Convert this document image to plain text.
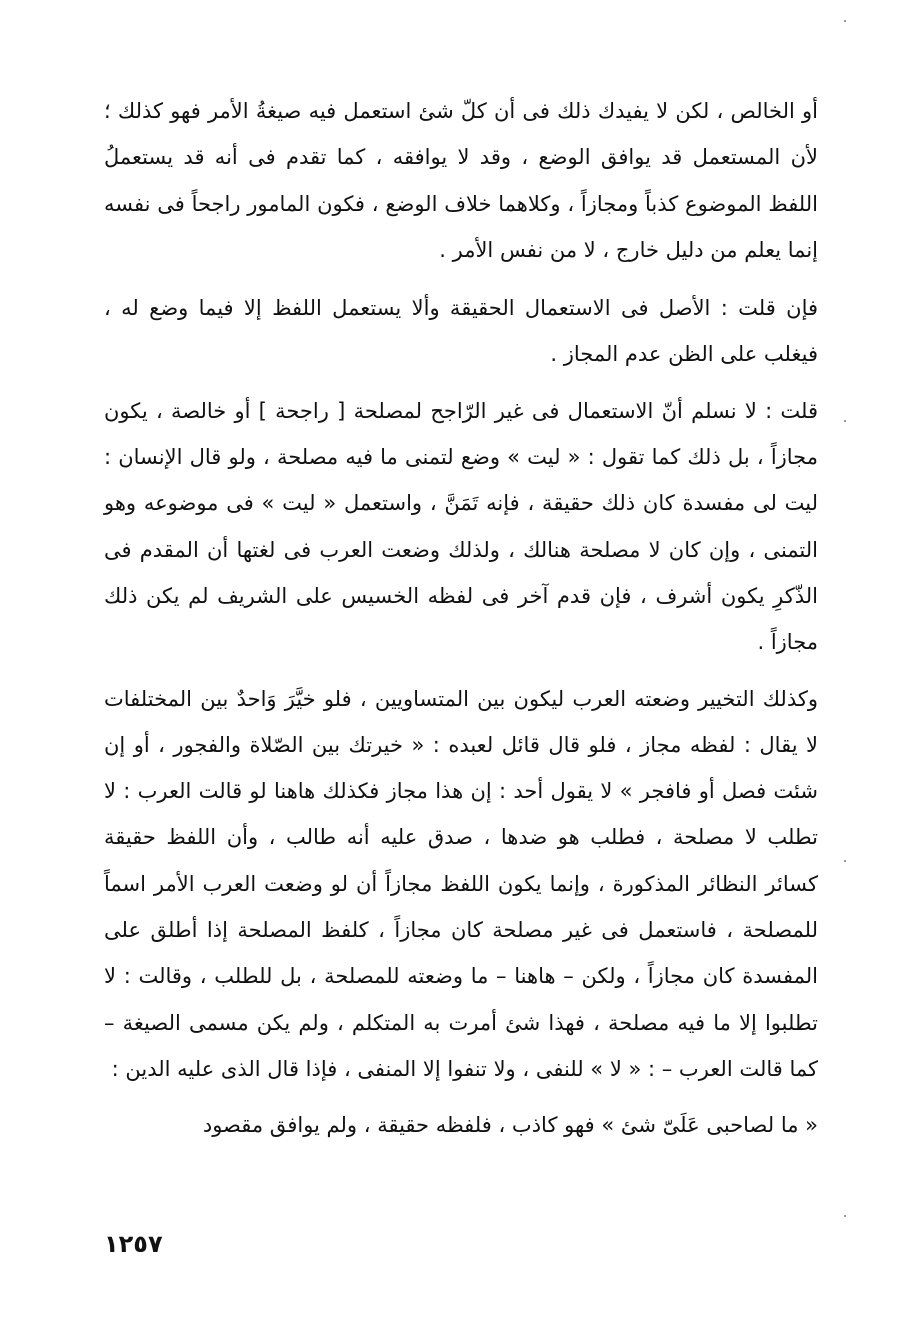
أو الخالص ، لكن لا يفيدك ذلك فى أن كلّ شئ استعمل فيه صيغةُ الأمر فهو كذلك ؛ لأن المستعمل قد يوافق الوضع ، وقد لا يوافقه ، كما تقدم فى أنه قد يستعملُ اللفظ الموضوع كذباً ومجازاً ، وكلاهما خلاف الوضع ، فكون المامور راجحاً فى نفسه إنما يعلم من دليل خارج ، لا من نفس الأمر .

فإن قلت : الأصل فى الاستعمال الحقيقة وألا يستعمل اللفظ إلا فيما وضع له ، فيغلب على الظن عدم المجاز .

قلت : لا نسلم أنّ الاستعمال فى غير الرّاجح لمصلحة [ راجحة ] أو خالصة ، يكون مجازاً ، بل ذلك كما تقول : « ليت » وضع لتمنى ما فيه مصلحة ، ولو قال الإنسان : ليت لى مفسدة كان ذلك حقيقة ، فإنه تَمَنَّ ، واستعمل « ليت » فى موضوعه وهو التمنى ، وإن كان لا مصلحة هنالك ، ولذلك وضعت العرب فى لغتها أن المقدم فى الذّكرِ يكون أشرف ، فإن قدم آخر فى لفظه الخسيس على الشريف لم يكن ذلك مجازاً .

وكذلك التخيير وضعته العرب ليكون بين المتساويين ، فلو خيَّرَ وَاحدٌ بين المختلفات لا يقال : لفظه مجاز ، فلو قال قائل لعبده : « خيرتك بين الصّلاة والفجور ، أو إن شئت فصل أو فافجر » لا يقول أحد : إن هذا مجاز فكذلك هاهنا لو قالت العرب : لا تطلب لا مصلحة ، فطلب هو ضدها ، صدق عليه أنه طالب ، وأن اللفظ حقيقة كسائر النظائر المذكورة ، وإنما يكون اللفظ مجازاً أن لو وضعت العرب الأمر اسماً للمصلحة ، فاستعمل فى غير مصلحة كان مجازاً ، كلفظ المصلحة إذا أطلق على المفسدة كان مجازاً ، ولكن – هاهنا – ما وضعته للمصلحة ، بل للطلب ، وقالت : لا تطلبوا إلا ما فيه مصلحة ، فهذا شئ أمرت به المتكلم ، ولم يكن مسمى الصيغة – كما قالت العرب – : « لا » للنفى ، ولا تنفوا إلا المنفى ، فإذا قال الذى عليه الدين :

« ما لصاحبى عَلَىّ شئ » فهو كاذب ، فلفظه حقيقة ، ولم يوافق مقصود

١٢٥٧
